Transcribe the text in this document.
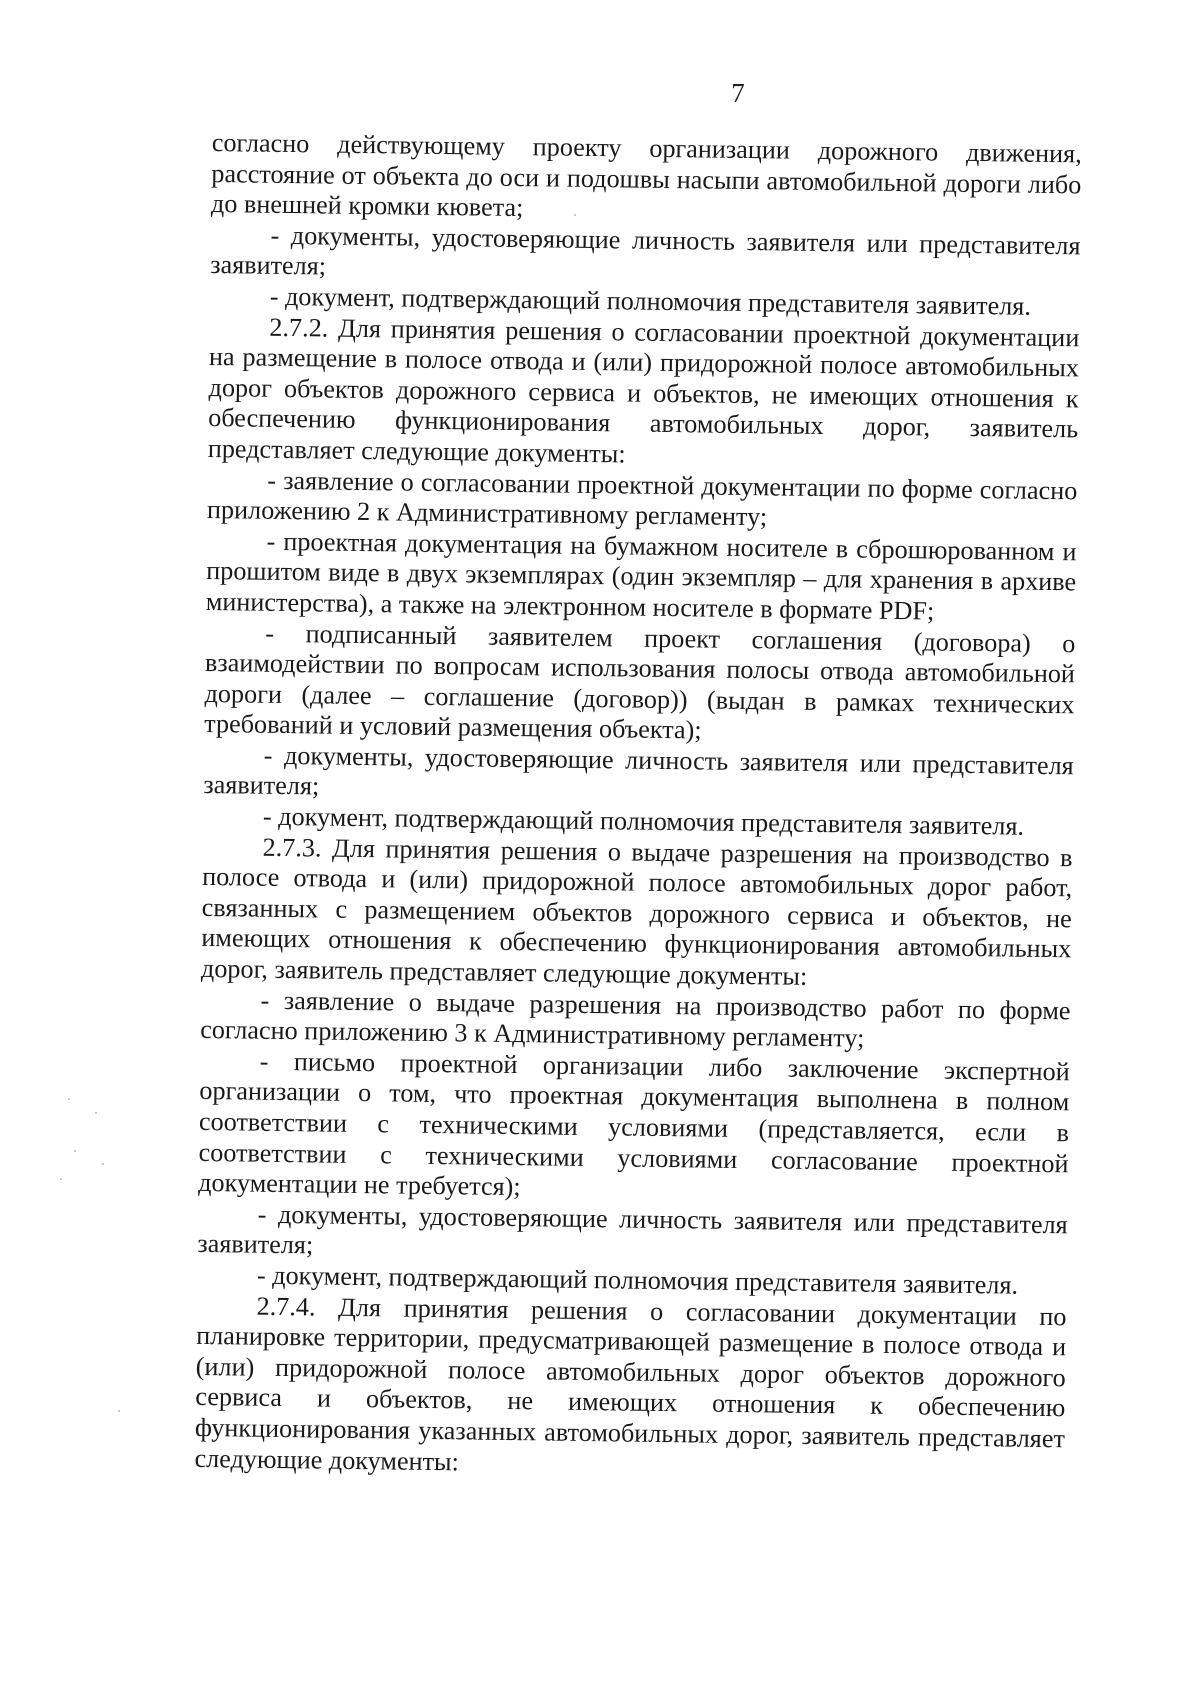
7

согласно действующему проекту организации дорожного движения, расстояние от объекта до оси и подошвы насыпи автомобильной дороги либо до внешней кромки кювета;

- документы, удостоверяющие личность заявителя или представителя заявителя;

- документ, подтверждающий полномочия представителя заявителя.

2.7.2. Для принятия решения о согласовании проектной документации на размещение в полосе отвода и (или) придорожной полосе автомобильных дорог объектов дорожного сервиса и объектов, не имеющих отношения к обеспечению функционирования автомобильных дорог, заявитель представляет следующие документы:

- заявление о согласовании проектной документации по форме согласно приложению 2 к Административному регламенту;

- проектная документация на бумажном носителе в сброшюрованном и прошитом виде в двух экземплярах (один экземпляр – для хранения в архиве министерства), а также на электронном носителе в формате PDF;

- подписанный заявителем проект соглашения (договора) о взаимодействии по вопросам использования полосы отвода автомобильной дороги (далее – соглашение (договор)) (выдан в рамках технических требований и условий размещения объекта);

- документы, удостоверяющие личность заявителя или представителя заявителя;

- документ, подтверждающий полномочия представителя заявителя.

2.7.3. Для принятия решения о выдаче разрешения на производство в полосе отвода и (или) придорожной полосе автомобильных дорог работ, связанных с размещением объектов дорожного сервиса и объектов, не имеющих отношения к обеспечению функционирования автомобильных дорог, заявитель представляет следующие документы:

- заявление о выдаче разрешения на производство работ по форме согласно приложению 3 к Административному регламенту;

- письмо проектной организации либо заключение экспертной организации о том, что проектная документация выполнена в полном соответствии с техническими условиями (представляется, если в соответствии с техническими условиями согласование проектной документации не требуется);

- документы, удостоверяющие личность заявителя или представителя заявителя;

- документ, подтверждающий полномочия представителя заявителя.

2.7.4. Для принятия решения о согласовании документации по планировке территории, предусматривающей размещение в полосе отвода и (или) придорожной полосе автомобильных дорог объектов дорожного сервиса и объектов, не имеющих отношения к обеспечению функционирования указанных автомобильных дорог, заявитель представляет следующие документы:
